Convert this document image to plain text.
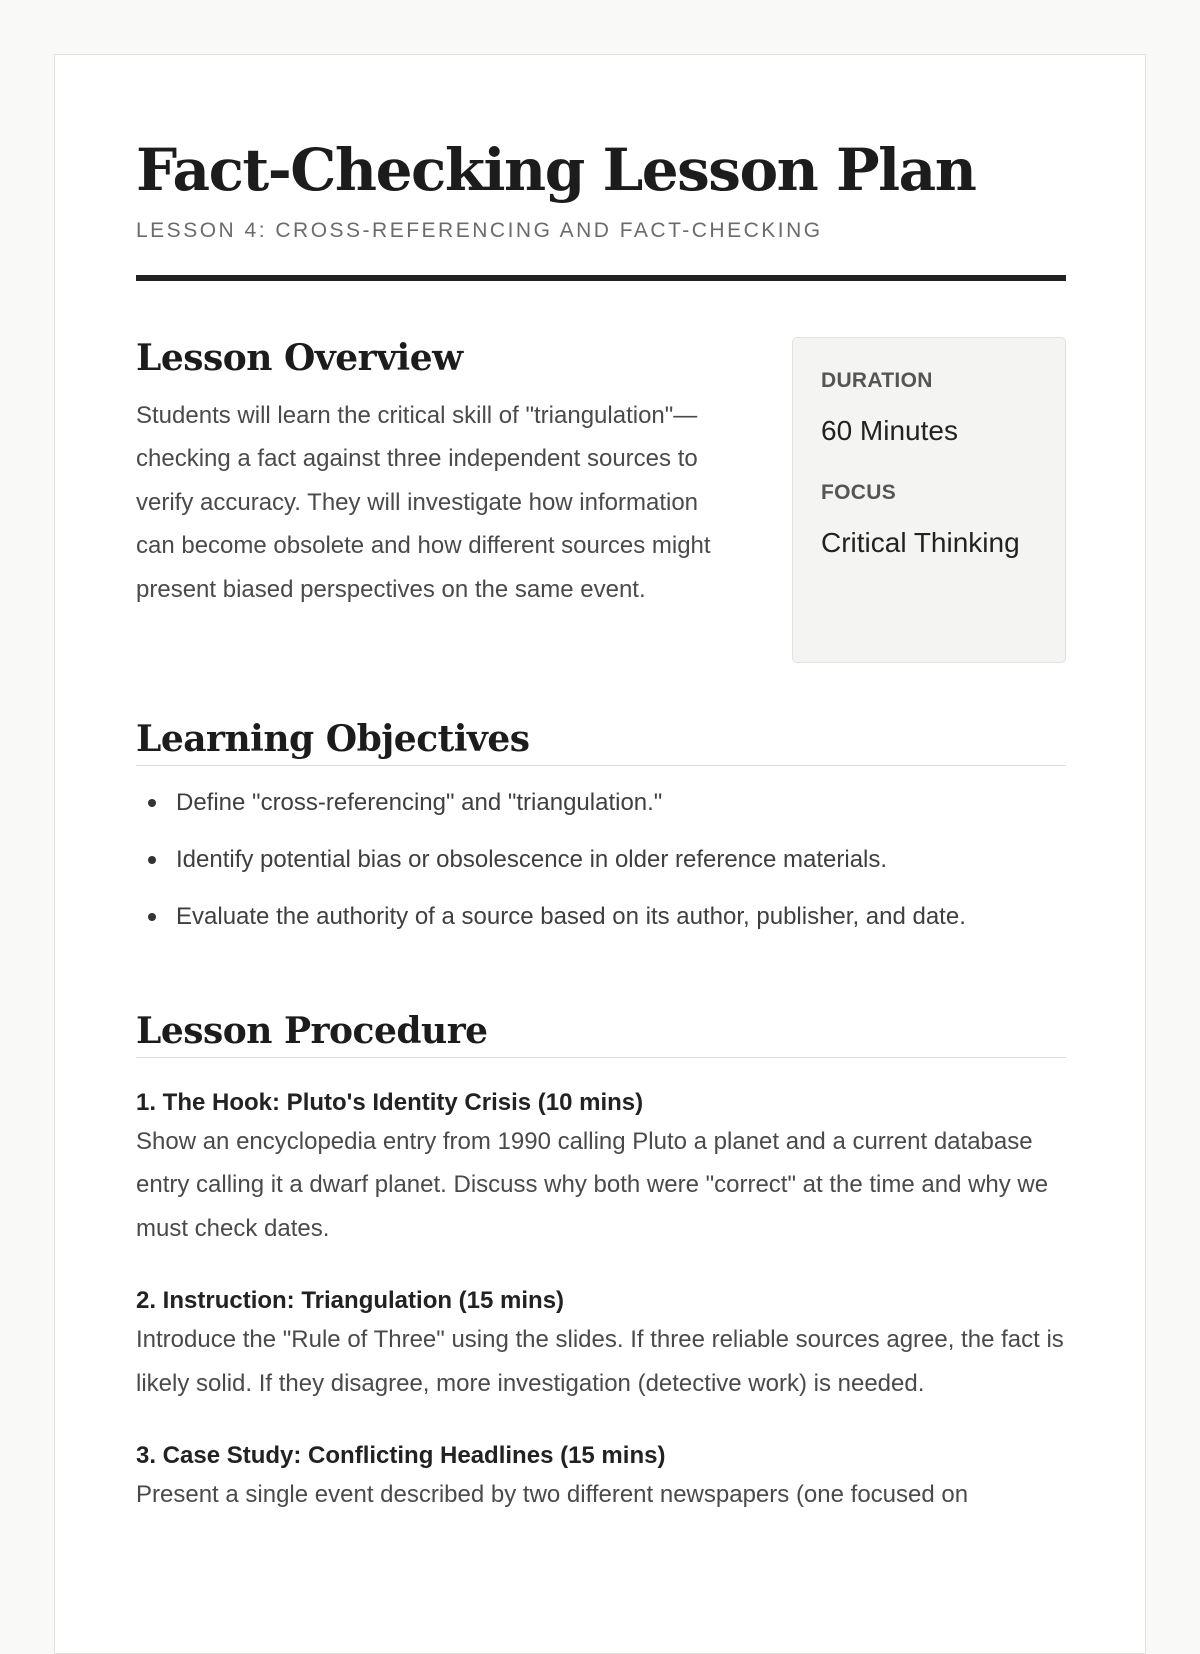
Fact-Checking Lesson Plan
LESSON 4: CROSS-REFERENCING AND FACT-CHECKING
Lesson Overview

Students will learn the critical skill of "triangulation"—checking a fact against three independent sources to verify accuracy. They will investigate how information can become obsolete and how different sources might present biased perspectives on the same event.

DURATION
60 Minutes
FOCUS
Critical Thinking
Learning Objectives
Define "cross-referencing" and "triangulation."
Identify potential bias or obsolescence in older reference materials.
Evaluate the authority of a source based on its author, publisher, and date.
Lesson Procedure
1. The Hook: Pluto's Identity Crisis (10 mins)

Show an encyclopedia entry from 1990 calling Pluto a planet and a current database entry calling it a dwarf planet. Discuss why both were "correct" at the time and why we must check dates.

2. Instruction: Triangulation (15 mins)

Introduce the "Rule of Three" using the slides. If three reliable sources agree, the fact is likely solid. If they disagree, more investigation (detective work) is needed.

3. Case Study: Conflicting Headlines (15 mins)

Present a single event described by two different newspapers (one focused on
